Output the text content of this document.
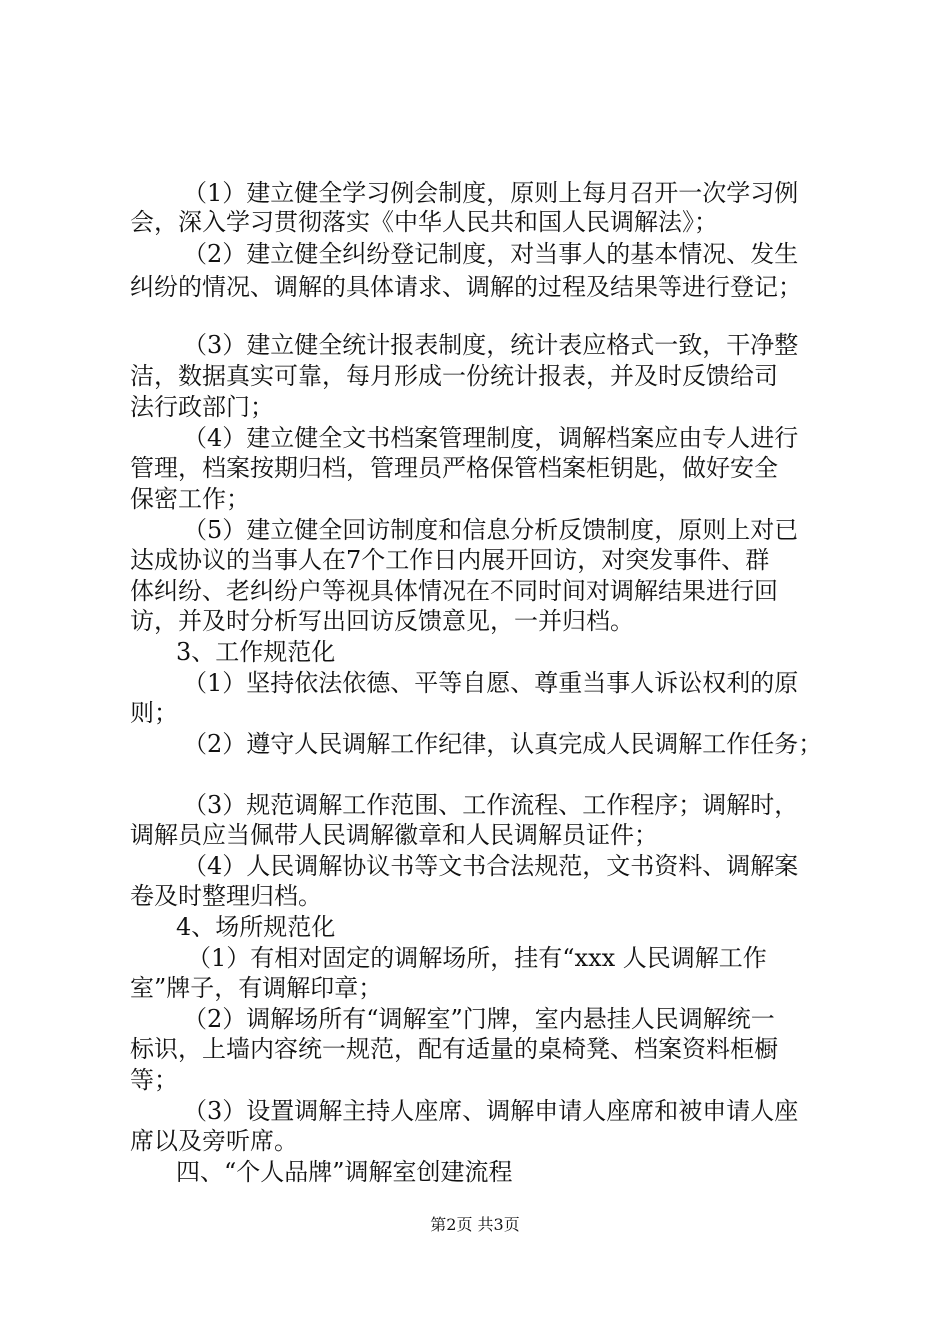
（1）建立健全学习例会制度，原则上每月召开一次学习例

会，深入学习贯彻落实《中华人民共和国人民调解法》；

（2）建立健全纠纷登记制度，对当事人的基本情况、发生

纠纷的情况、调解的具体请求、调解的过程及结果等进行登记；

（3）建立健全统计报表制度，统计表应格式一致，干净整

洁，数据真实可靠，每月形成一份统计报表，并及时反馈给司

法行政部门；

（4）建立健全文书档案管理制度，调解档案应由专人进行

管理，档案按期归档，管理员严格保管档案柜钥匙，做好安全

保密工作；

（5）建立健全回访制度和信息分析反馈制度，原则上对已

达成协议的当事人在7个工作日内展开回访，对突发事件、群

体纠纷、老纠纷户等视具体情况在不同时间对调解结果进行回

访，并及时分析写出回访反馈意见，一并归档。

3、工作规范化

（1）坚持依法依德、平等自愿、尊重当事人诉讼权利的原

则；

（2）遵守人民调解工作纪律，认真完成人民调解工作任务；

（3）规范调解工作范围、工作流程、工作程序；调解时，

调解员应当佩带人民调解徽章和人民调解员证件；

（4）人民调解协议书等文书合法规范，文书资料、调解案

卷及时整理归档。

4、场所规范化

（1）有相对固定的调解场所，挂有“xxx 人民调解工作

室”牌子，有调解印章；

（2）调解场所有“调解室”门牌，室内悬挂人民调解统一

标识，上墙内容统一规范，配有适量的桌椅凳、档案资料柜橱

等；

（3）设置调解主持人座席、调解申请人座席和被申请人座

席以及旁听席。

四、“个人品牌”调解室创建流程

第2页 共3页
